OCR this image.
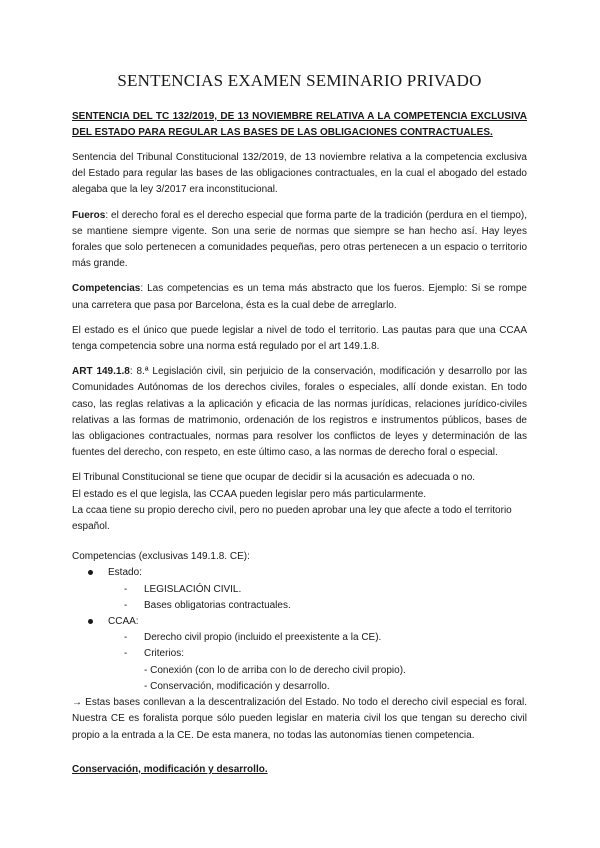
SENTENCIAS EXAMEN SEMINARIO PRIVADO
SENTENCIA DEL TC 132/2019, DE 13 NOVIEMBRE RELATIVA A LA COMPETENCIA EXCLUSIVA DEL ESTADO PARA REGULAR LAS BASES DE LAS OBLIGACIONES CONTRACTUALES.

Sentencia del Tribunal Constitucional 132/2019, de 13 noviembre relativa a la competencia exclusiva del Estado para regular las bases de las obligaciones contractuales, en la cual el abogado del estado alegaba que la ley 3/2017 era inconstitucional.

Fueros: el derecho foral es el derecho especial que forma parte de la tradición (perdura en el tiempo), se mantiene siempre vigente. Son una serie de normas que siempre se han hecho así. Hay leyes forales que solo pertenecen a comunidades pequeñas, pero otras pertenecen a un espacio o territorio más grande.

Competencias: Las competencias es un tema más abstracto que los fueros. Ejemplo: Si se rompe una carretera que pasa por Barcelona, ésta es la cual debe de arreglarlo.

El estado es el único que puede legislar a nivel de todo el territorio. Las pautas para que una CCAA tenga competencia sobre una norma está regulado por el art 149.1.8.

ART 149.1.8: 8.ª Legislación civil, sin perjuicio de la conservación, modificación y desarrollo por las Comunidades Autónomas de los derechos civiles, forales o especiales, allí donde existan. En todo caso, las reglas relativas a la aplicación y eficacia de las normas jurídicas, relaciones jurídico-civiles relativas a las formas de matrimonio, ordenación de los registros e instrumentos públicos, bases de las obligaciones contractuales, normas para resolver los conflictos de leyes y determinación de las fuentes del derecho, con respeto, en este último caso, a las normas de derecho foral o especial.

El Tribunal Constitucional se tiene que ocupar de decidir si la acusación es adecuada o no.

El estado es el que legisla, las CCAA pueden legislar pero más particularmente.

La ccaa tiene su propio derecho civil, pero no pueden aprobar una ley que afecte a todo el territorio español.

Competencias (exclusivas 149.1.8. CE):

Estado:
- LEGISLACIÓN CIVIL.
- Bases obligatorias contractuales.
CCAA:
- Derecho civil propio (incluido el preexistente a la CE).
- Criterios:
- Conexión (con lo de arriba con lo de derecho civil propio).
- Conservación, modificación y desarrollo.

→ Estas bases conllevan a la descentralización del Estado. No todo el derecho civil especial es foral. Nuestra CE es foralista porque sólo pueden legislar en materia civil los que tengan su derecho civil propio a la entrada a la CE. De esta manera, no todas las autonomías tienen competencia.

Conservación, modificación y desarrollo.
